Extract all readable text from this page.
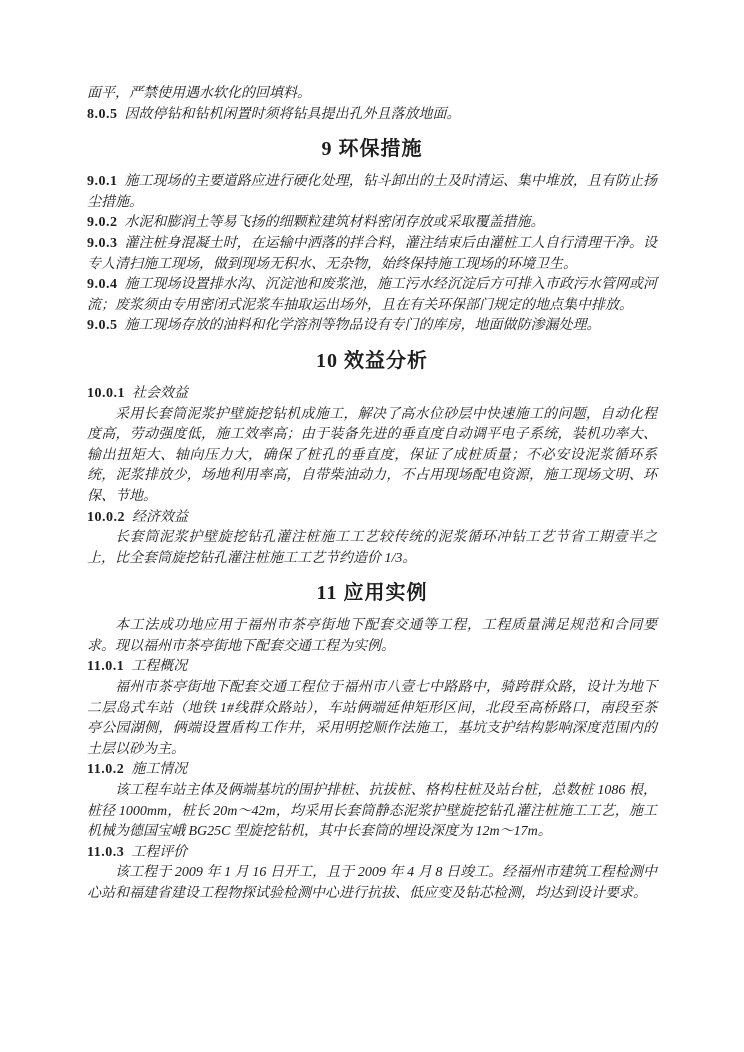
面平，严禁使用遇水软化的回填料。

8.0.5 因故停钻和钻机闲置时须将钻具提出孔外且落放地面。

9 环保措施

9.0.1 施工现场的主要道路应进行硬化处理，钻斗卸出的土及时清运、集中堆放，且有防止扬尘措施。

9.0.2 水泥和膨润土等易飞扬的细颗粒建筑材料密闭存放或采取覆盖措施。

9.0.3 灌注桩身混凝土时，在运输中洒落的拌合料，灌注结束后由灌桩工人自行清理干净。设专人清扫施工现场，做到现场无积水、无杂物，始终保持施工现场的环境卫生。

9.0.4 施工现场设置排水沟、沉淀池和废浆池，施工污水经沉淀后方可排入市政污水管网或河流；废浆须由专用密闭式泥浆车抽取运出场外，且在有关环保部门规定的地点集中排放。

9.0.5 施工现场存放的油料和化学溶剂等物品设有专门的库房，地面做防渗漏处理。

10 效益分析

10.0.1 社会效益

采用长套筒泥浆护壁旋挖钻机成施工，解决了高水位砂层中快速施工的问题，自动化程度高，劳动强度低，施工效率高；由于装备先进的垂直度自动调平电子系统，装机功率大、输出扭矩大、轴向压力大，确保了桩孔的垂直度，保证了成桩质量；不必安设泥浆循环系统，泥浆排放少，场地利用率高，自带柴油动力，不占用现场配电资源，施工现场文明、环保、节地。

10.0.2 经济效益

长套筒泥浆护壁旋挖钻孔灌注桩施工工艺较传统的泥浆循环冲钻工艺节省工期壹半之上，比全套筒旋挖钻孔灌注桩施工工艺节约造价 1/3。

11 应用实例

本工法成功地应用于福州市茶亭街地下配套交通等工程，工程质量满足规范和合同要求。现以福州市茶亭街地下配套交通工程为实例。

11.0.1 工程概况

福州市茶亭街地下配套交通工程位于福州市八壹七中路路中，骑跨群众路，设计为地下二层岛式车站（地铁 1#线群众路站），车站俩端延伸矩形区间，北段至高桥路口，南段至茶亭公园湖侧，俩端设置盾构工作井，采用明挖顺作法施工，基坑支护结构影响深度范围内的土层以砂为主。

11.0.2 施工情况

该工程车站主体及俩端基坑的围护排桩、抗拔桩、格构柱桩及站台桩，总数桩 1086 根，桩径 1000mm，桩长 20m～42m，均采用长套筒静态泥浆护壁旋挖钻孔灌注桩施工工艺，施工机械为德国宝峨 BG25C 型旋挖钻机，其中长套筒的埋设深度为 12m～17m。

11.0.3 工程评价

该工程于 2009 年 1 月 16 日开工，且于 2009 年 4 月 8 日竣工。经福州市建筑工程检测中心站和福建省建设工程物探试验检测中心进行抗拔、低应变及钻芯检测，均达到设计要求。
